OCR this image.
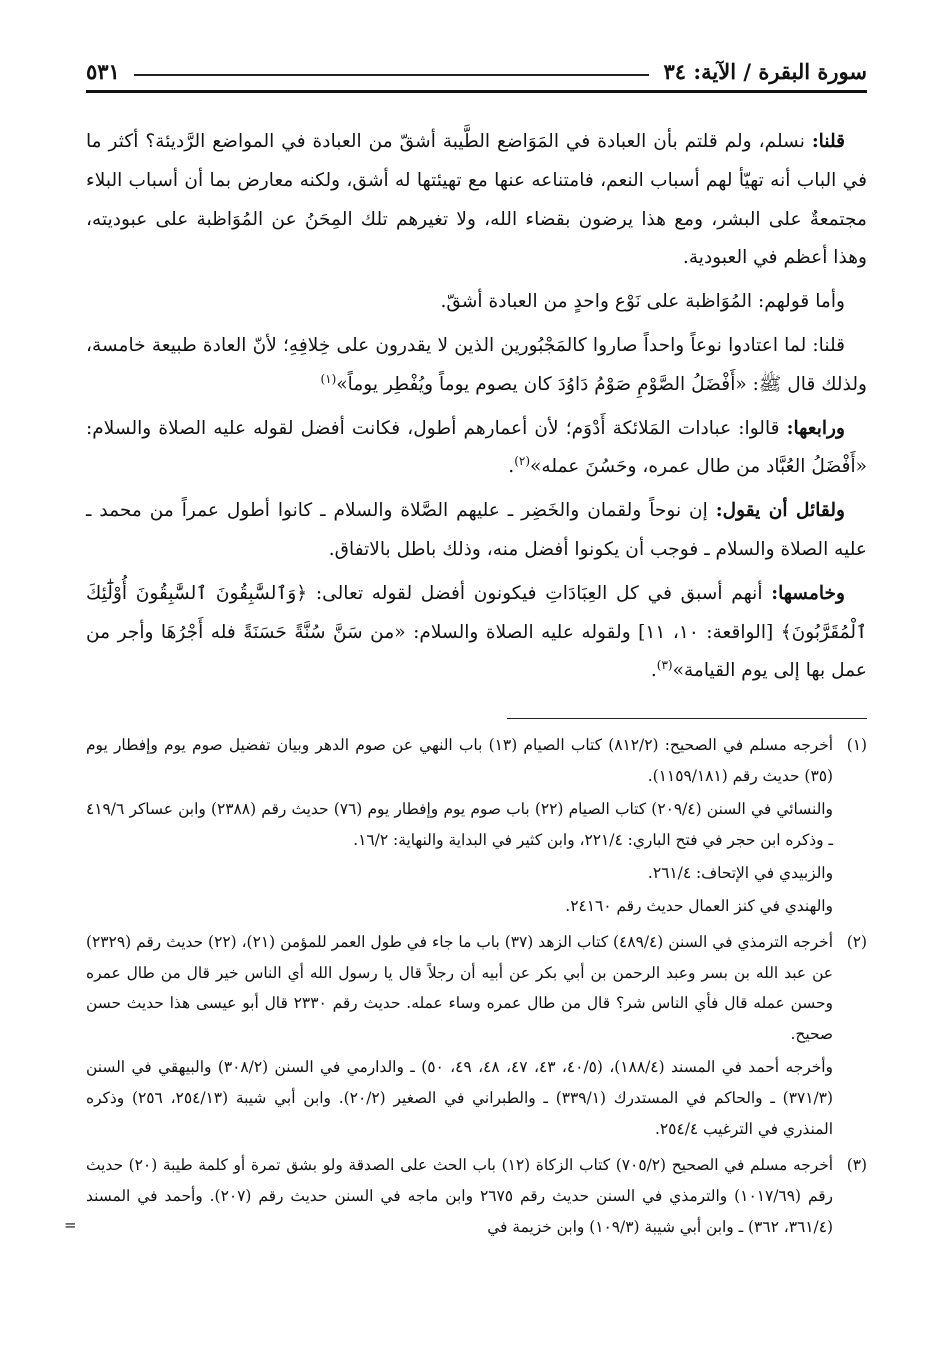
سورة البقرة / الآية: ٣٤
٥٣١

قلنا: نسلم، ولم قلتم بأن العبادة في المَوَاضع الطَّيبة أشقّ من العبادة في المواضع الرَّديئة؟ أكثر ما في الباب أنه تهيّأ لهم أسباب النعم، فامتناعه عنها مع تهيئتها له أشق، ولكنه معارض بما أن أسباب البلاء مجتمعةٌ على البشر، ومع هذا يرضون بقضاء الله، ولا تغيرهم تلك المِحَنُ عن المُوَاظبة على عبوديته، وهذا أعظم في العبودية.

وأما قولهم: المُوَاظبة على نَوْع واحدٍ من العبادة أشقّ.

قلنا: لما اعتادوا نوعاً واحداً صاروا كالمَجْبُورين الذين لا يقدرون على خِلافِهِ؛ لأنّ العادة طبيعة خامسة، ولذلك قال ﷺ: «أَفْضَلُ الصَّوْمِ صَوْمُ دَاوُدَ كان يصوم يوماً ويُفْطِر يوماً»$^{(١)}$

ورابعها: قالوا: عبادات المَلائكة أَدْوَم؛ لأن أعمارهم أطول، فكانت أفضل لقوله عليه الصلاة والسلام: «أَفْضَلُ العُبَّاد من طال عمره، وحَسُنَ عمله»$^{(٢)}$.

ولقائل أن يقول: إن نوحاً ولقمان والخَضِر ـ عليهم الصَّلاة والسلام ـ كانوا أطول عمراً من محمد ـ عليه الصلاة والسلام ـ فوجب أن يكونوا أفضل منه، وذلك باطل بالاتفاق.

وخامسها: أنهم أسبق في كل العِبَادَاتِ فيكونون أفضل لقوله تعالى: ﴿وَٱلسَّٰبِقُونَ ٱلسَّٰبِقُونَ أُوْلَٰٓئِكَ ٱلْمُقَرَّبُونَ﴾ [الواقعة: ١٠، ١١] ولقوله عليه الصلاة والسلام: «من سَنَّ سُنَّةً حَسَنَةً فله أَجْرُهَا وأجر من عمل بها إلى يوم القيامة»$^{(٣)}$.

(١)

أخرجه مسلم في الصحيح: (٨١٢/٢) كتاب الصيام (١٣) باب النهي عن صوم الدهر وبيان تفضيل صوم يوم وإفطار يوم (٣٥) حديث رقم (١١٥٩/١٨١).

والنسائي في السنن (٢٠٩/٤) كتاب الصيام (٢٢) باب صوم يوم وإفطار يوم (٧٦) حديث رقم (٢٣٨٨) وابن عساكر ٤١٩/٦ ـ وذكره ابن حجر في فتح الباري: ٢٢١/٤، وابن كثير في البداية والنهاية: ١٦/٢.

والزبيدي في الإتحاف: ٢٦١/٤.

والهندي في كنز العمال حديث رقم ٢٤١٦٠.

(٢)

أخرجه الترمذي في السنن (٤٨٩/٤) كتاب الزهد (٣٧) باب ما جاء في طول العمر للمؤمن (٢١)، (٢٢) حديث رقم (٢٣٢٩) عن عبد الله بن بسر وعبد الرحمن بن أبي بكر عن أبيه أن رجلاً قال يا رسول الله أي الناس خير قال من طال عمره وحسن عمله قال فأي الناس شر؟ قال من طال عمره وساء عمله. حديث رقم ٢٣٣٠ قال أبو عيسى هذا حديث حسن صحيح.

وأخرجه أحمد في المسند (١٨٨/٤)، (٤٠/٥، ٤٣، ٤٧، ٤٨، ٤٩، ٥٠) ـ والدارمي في السنن (٣٠٨/٢) والبيهقي في السنن (٣٧١/٣) ـ والحاكم في المستدرك (٣٣٩/١) ـ والطبراني في الصغير (٢٠/٢). وابن أبي شيبة (٢٥٤/١٣، ٢٥٦) وذكره المنذري في الترغيب ٢٥٤/٤.

(٣)

أخرجه مسلم في الصحيح (٧٠٥/٢) كتاب الزكاة (١٢) باب الحث على الصدقة ولو بشق تمرة أو كلمة طيبة (٢٠) حديث رقم (١٠١٧/٦٩) والترمذي في السنن حديث رقم ٢٦٧٥ وابن ماجه في السنن حديث رقم (٢٠٧). وأحمد في المسند (٣٦١/٤، ٣٦٢) ـ وابن أبي شيبة (١٠٩/٣) وابن خزيمة في

=
